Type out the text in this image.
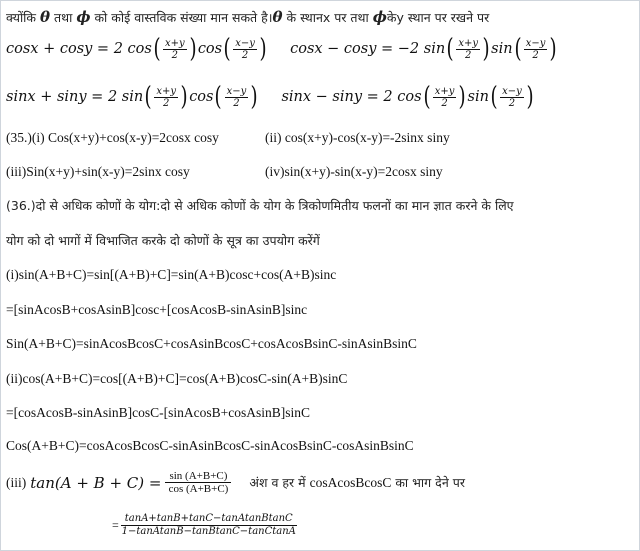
क्योंकि θ तथा ϕ को कोई वास्तविक संख्या मान सकते है।θ के स्थानx पर तथा ϕकेy स्थान पर रखने पर
cosx + cosy = 2 cos ( $\frac{x+y}{2}$ ) cos ( $\frac{x-y}{2}$ ) cosx − cosy = −2 sin ( $\frac{x+y}{2}$ ) sin ( $\frac{x-y}{2}$ )
sinx + siny = 2 sin ( $\frac{x+y}{2}$ ) cos ( $\frac{x-y}{2}$ ) sinx − siny = 2 cos ( $\frac{x+y}{2}$ ) sin ( $\frac{x-y}{2}$ )
(35.)(i) Cos(x+y)+cos(x-y)=2cosx cosy	(ii) cos(x+y)-cos(x-y)=-2sinx siny
(iii)Sin(x+y)+sin(x-y)=2sinx cosy	(iv)sin(x+y)-sin(x-y)=2cosx siny
(36.)दो से अधिक कोणों के योग:दो से अधिक कोणों के योग के त्रिकोणमितीय फलनों का मान ज्ञात करने के लिए
योग को दो भागों में विभाजित करके दो कोणों के सूत्र का उपयोग करेंगें
(i)sin(A+B+C)=sin[(A+B)+C]=sin(A+B)cosc+cos(A+B)sinc
=[sinAcosB+cosAsinB]cosc+[cosAcosB-sinAsinB]sinc
Sin(A+B+C)=sinAcosBcosC+cosAsinBcosC+cosAcosBsinC-sinAsinBsinC
(ii)cos(A+B+C)=cos[(A+B)+C]=cos(A+B)cosC-sin(A+B)sinC
=[cosAcosB-sinAsinB]cosC-[sinAcosB+cosAsinB]sinC
Cos(A+B+C)=cosAcosBcosC-sinAsinBcosC-sinAcosBsinC-cosAsinBsinC
(iii) $\tan(A + B + C) = \frac{\sin (A+B+C)}{\cos (A+B+C)}$ अंश व हर में cosAcosBcosC का भाग देने पर
= $\frac{\text{tanA+tanB+tanC−tanAtanBtanC}}{\text{1−tanAtanB−tanBtanC−tanCtanA}}$
